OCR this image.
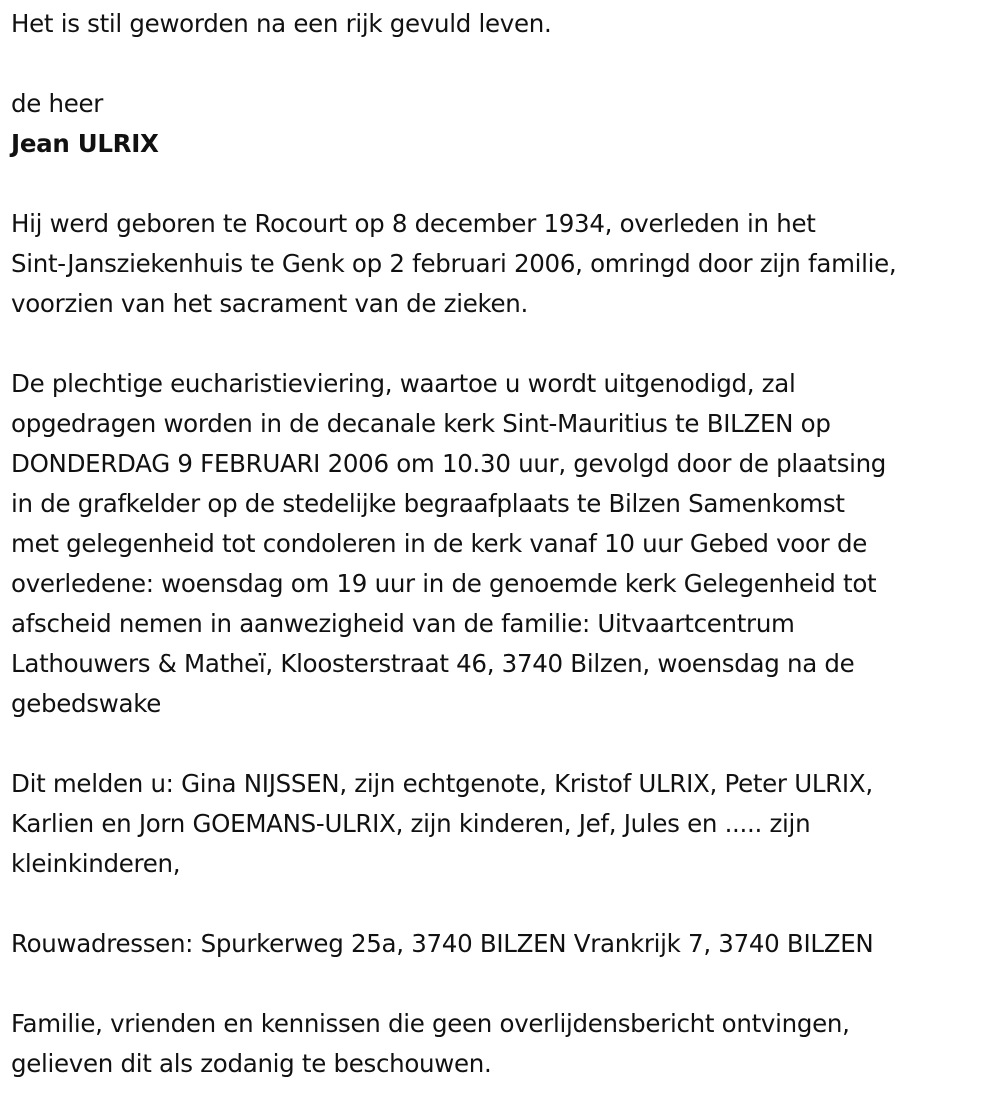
Het is stil geworden na een rijk gevuld leven.
de heer
Jean ULRIX
Hij werd geboren te Rocourt op 8 december 1934, overleden in het
Sint-Jansziekenhuis te Genk op 2 februari 2006, omringd door zijn familie,
voorzien van het sacrament van de zieken.
De plechtige eucharistieviering, waartoe u wordt uitgenodigd, zal
opgedragen worden in de decanale kerk Sint-Mauritius te BILZEN op
DONDERDAG 9 FEBRUARI 2006 om 10.30 uur, gevolgd door de plaatsing
in de grafkelder op de stedelijke begraafplaats te Bilzen Samenkomst
met gelegenheid tot condoleren in de kerk vanaf 10 uur Gebed voor de
overledene: woensdag om 19 uur in de genoemde kerk Gelegenheid tot
afscheid nemen in aanwezigheid van de familie: Uitvaartcentrum
Lathouwers & Matheï, Kloosterstraat 46, 3740 Bilzen, woensdag na de
gebedswake
Dit melden u: Gina NIJSSEN, zijn echtgenote, Kristof ULRIX, Peter ULRIX,
Karlien en Jorn GOEMANS-ULRIX, zijn kinderen, Jef, Jules en ..... zijn
kleinkinderen,
Rouwadressen: Spurkerweg 25a, 3740 BILZEN Vrankrijk 7, 3740 BILZEN
Familie, vrienden en kennissen die geen overlijdensbericht ontvingen,
gelieven dit als zodanig te beschouwen.
